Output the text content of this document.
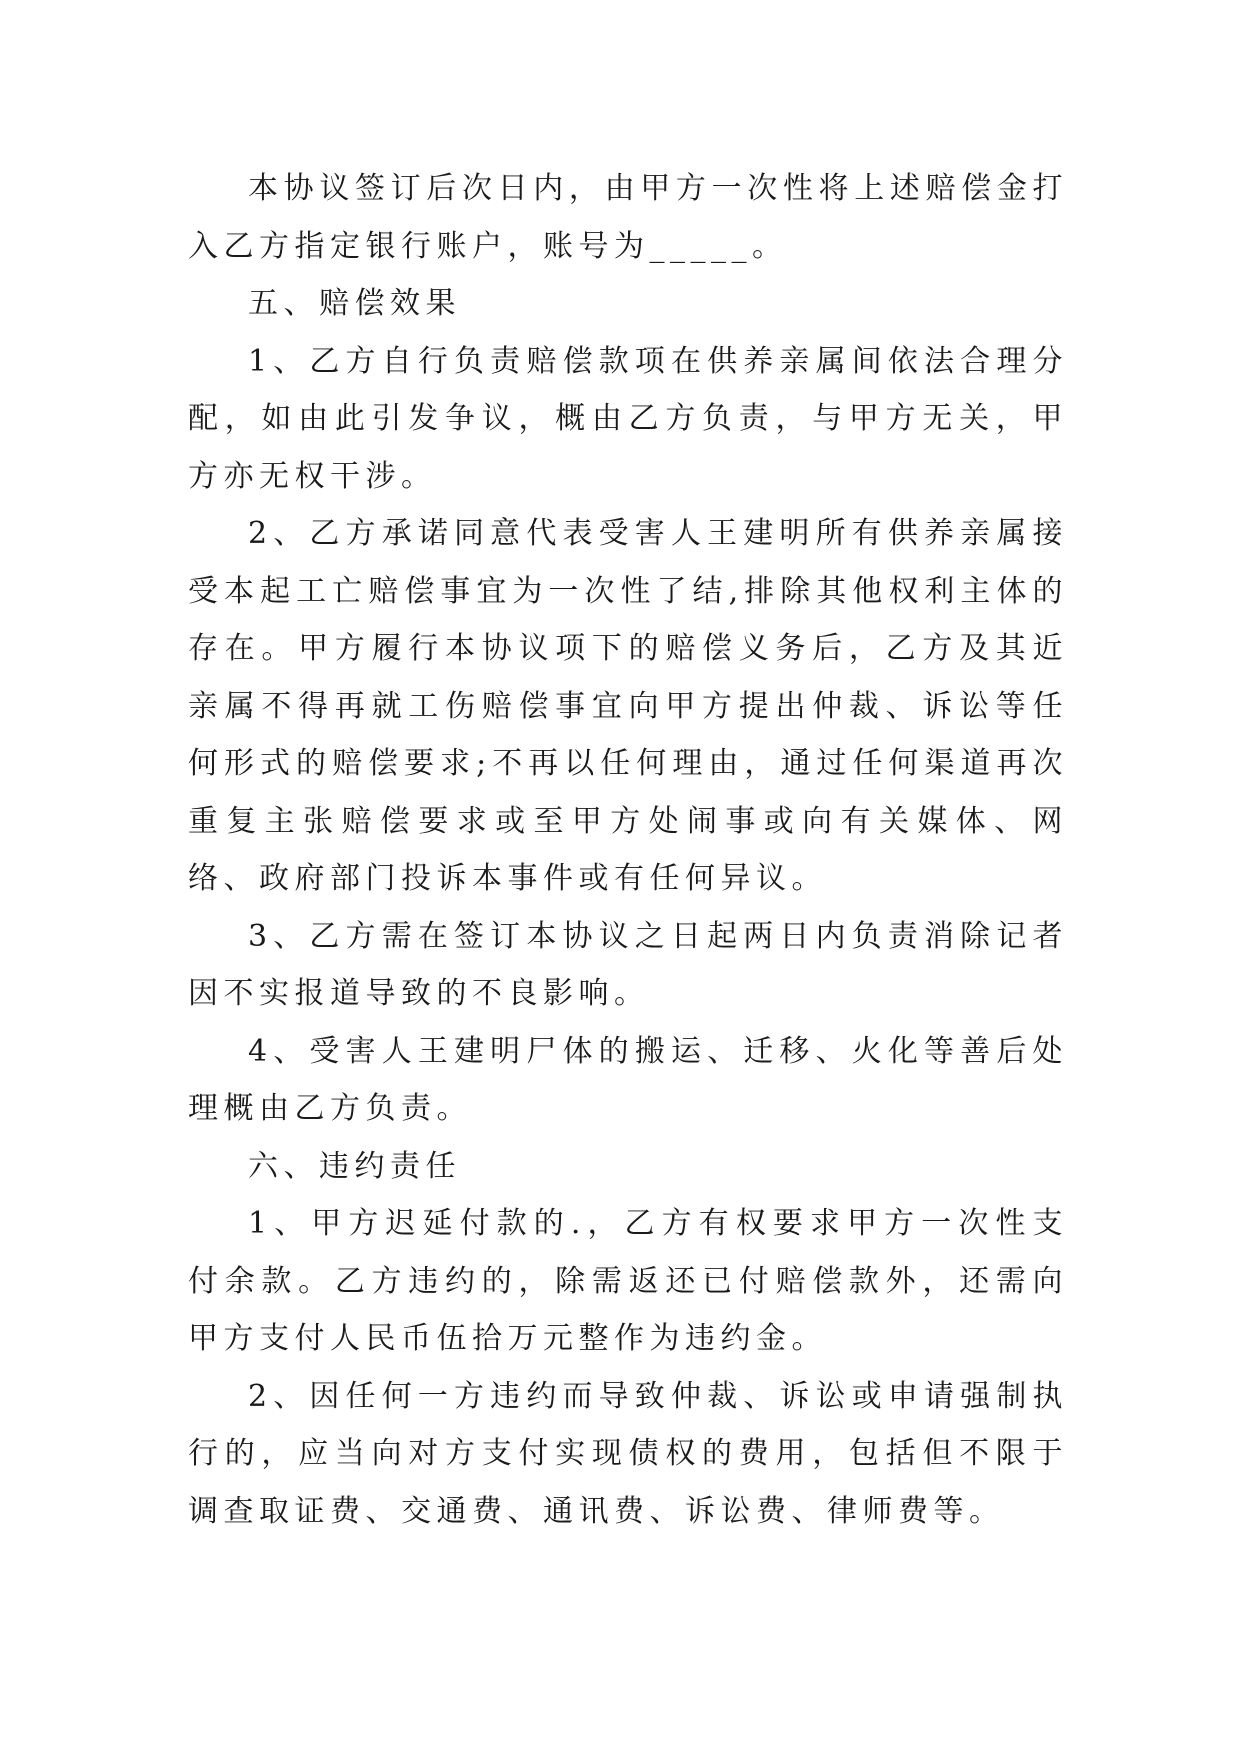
本协议签订后次日内，由甲方一次性将上述赔偿金打入乙方指定银行账户，账号为_____。

五、赔偿效果

1、乙方自行负责赔偿款项在供养亲属间依法合理分配，如由此引发争议，概由乙方负责，与甲方无关，甲方亦无权干涉。

2、乙方承诺同意代表受害人王建明所有供养亲属接受本起工亡赔偿事宜为一次性了结,排除其他权利主体的存在。甲方履行本协议项下的赔偿义务后，乙方及其近亲属不得再就工伤赔偿事宜向甲方提出仲裁、诉讼等任何形式的赔偿要求;不再以任何理由，通过任何渠道再次重复主张赔偿要求或至甲方处闹事或向有关媒体、网络、政府部门投诉本事件或有任何异议。

3、乙方需在签订本协议之日起两日内负责消除记者因不实报道导致的不良影响。

4、受害人王建明尸体的搬运、迁移、火化等善后处理概由乙方负责。

六、违约责任

1、甲方迟延付款的.，乙方有权要求甲方一次性支付余款。乙方违约的，除需返还已付赔偿款外，还需向甲方支付人民币伍拾万元整作为违约金。

2、因任何一方违约而导致仲裁、诉讼或申请强制执行的，应当向对方支付实现债权的费用，包括但不限于调查取证费、交通费、通讯费、诉讼费、律师费等。
